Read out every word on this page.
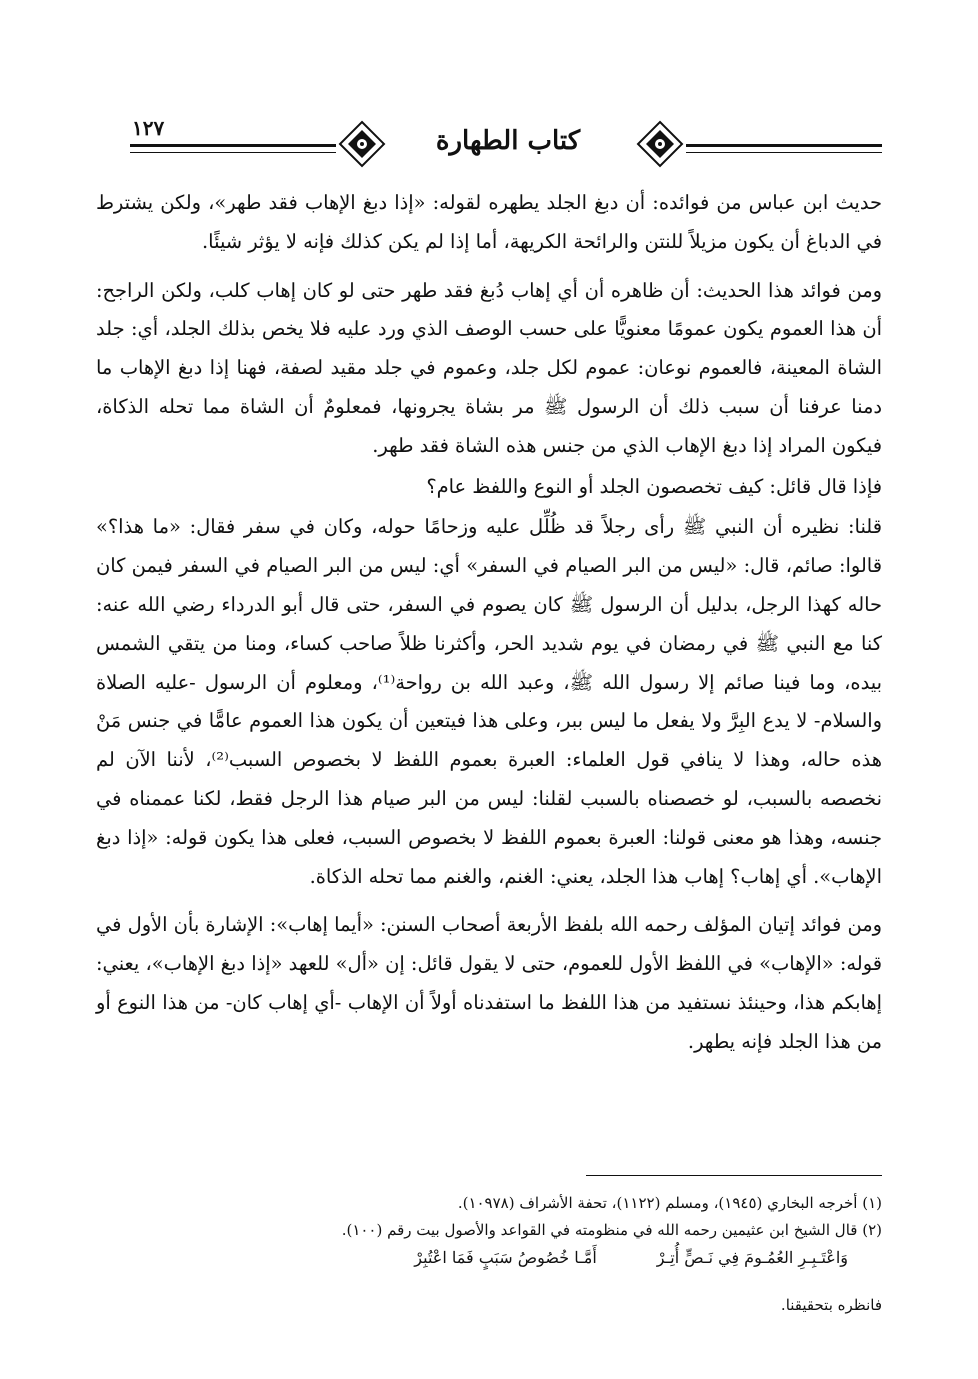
١٢٧	كتاب الطهارة

حديث ابن عباس من فوائده: أن دبغ الجلد يطهره لقوله: «إذا دبغ الإهاب فقد طهر»، ولكن يشترط في الدباغ أن يكون مزيلاً للنتن والرائحة الكريهة، أما إذا لم يكن كذلك فإنه لا يؤثر شيئًا.

ومن فوائد هذا الحديث: أن ظاهره أن أي إهاب دُبغ فقد طهر حتى لو كان إهاب كلب، ولكن الراجح: أن هذا العموم يكون عمومًا معنويًّا على حسب الوصف الذي ورد عليه فلا يخص بذلك الجلد، أي: جلد الشاة المعينة، فالعموم نوعان: عموم لكل جلد، وعموم في جلد مقيد لصفة، فهنا إذا دبغ الإهاب ما دمنا عرفنا أن سبب ذلك أن الرسول ﷺ مر بشاة يجرونها، فمعلومٌ أن الشاة مما تحله الذكاة، فيكون المراد إذا دبغ الإهاب الذي من جنس هذه الشاة فقد طهر.

فإذا قال قائل: كيف تخصصون الجلد أو النوع واللفظ عام؟

قلنا: نظيره أن النبي ﷺ رأى رجلاً قد ظُلِّل عليه وزحامًا حوله، وكان في سفر فقال: «ما هذا؟» قالوا: صائم، قال: «ليس من البر الصيام في السفر» أي: ليس من البر الصيام في السفر فيمن كان حاله كهذا الرجل، بدليل أن الرسول ﷺ كان يصوم في السفر، حتى قال أبو الدرداء رضي الله عنه: كنا مع النبي ﷺ في رمضان في يوم شديد الحر، وأكثرنا ظلاً صاحب كساء، ومنا من يتقي الشمس بيده، وما فينا صائم إلا رسول الله ﷺ، وعبد الله بن رواحة⁽¹⁾، ومعلوم أن الرسول -عليه الصلاة والسلام- لا يدع البِرَّ ولا يفعل ما ليس ببر، وعلى هذا فيتعين أن يكون هذا العموم عامًّا في جنس مَنْ هذه حاله، وهذا لا ينافي قول العلماء: العبرة بعموم اللفظ لا بخصوص السبب⁽²⁾، لأننا الآن لم نخصصه بالسبب، لو خصصناه بالسبب لقلنا: ليس من البر صيام هذا الرجل فقط، لكنا عممناه في جنسه، وهذا هو معنى قولنا: العبرة بعموم اللفظ لا بخصوص السبب، فعلى هذا يكون قوله: «إذا دبغ الإهاب». أي إهاب؟ إهاب هذا الجلد، يعني: الغنم، والغنم مما تحله الذكاة.

ومن فوائد إتيان المؤلف رحمه الله بلفظ الأربعة أصحاب السنن: «أيما إهاب»: الإشارة بأن الأول في قوله: «الإهاب» في اللفظ الأول للعموم، حتى لا يقول قائل: إن «أل» للعهد «إذا دبغ الإهاب»، يعني: إهابكم هذا، وحينئذ نستفيد من هذا اللفظ ما استفدناه أولاً أن الإهاب -أي إهاب كان- من هذا النوع أو من هذا الجلد فإنه يطهر.

(١) أخرجه البخاري (١٩٤٥)، ومسلم (١١٢٢)، تحفة الأشراف (١٠٩٧٨).

(٢) قال الشيخ ابن عثيمين رحمه الله في منظومته في القواعد والأصول بيت رقم (١٠٠).

وَاعْتَـبِـرِ العُمُـومَ فِي نَـصٍّ أُتِـرْ
أَمَّـا خُصُوصُ سَبَبٍ فَمَا اعْتُبِرْ

فانظره بتحقيقنا.
